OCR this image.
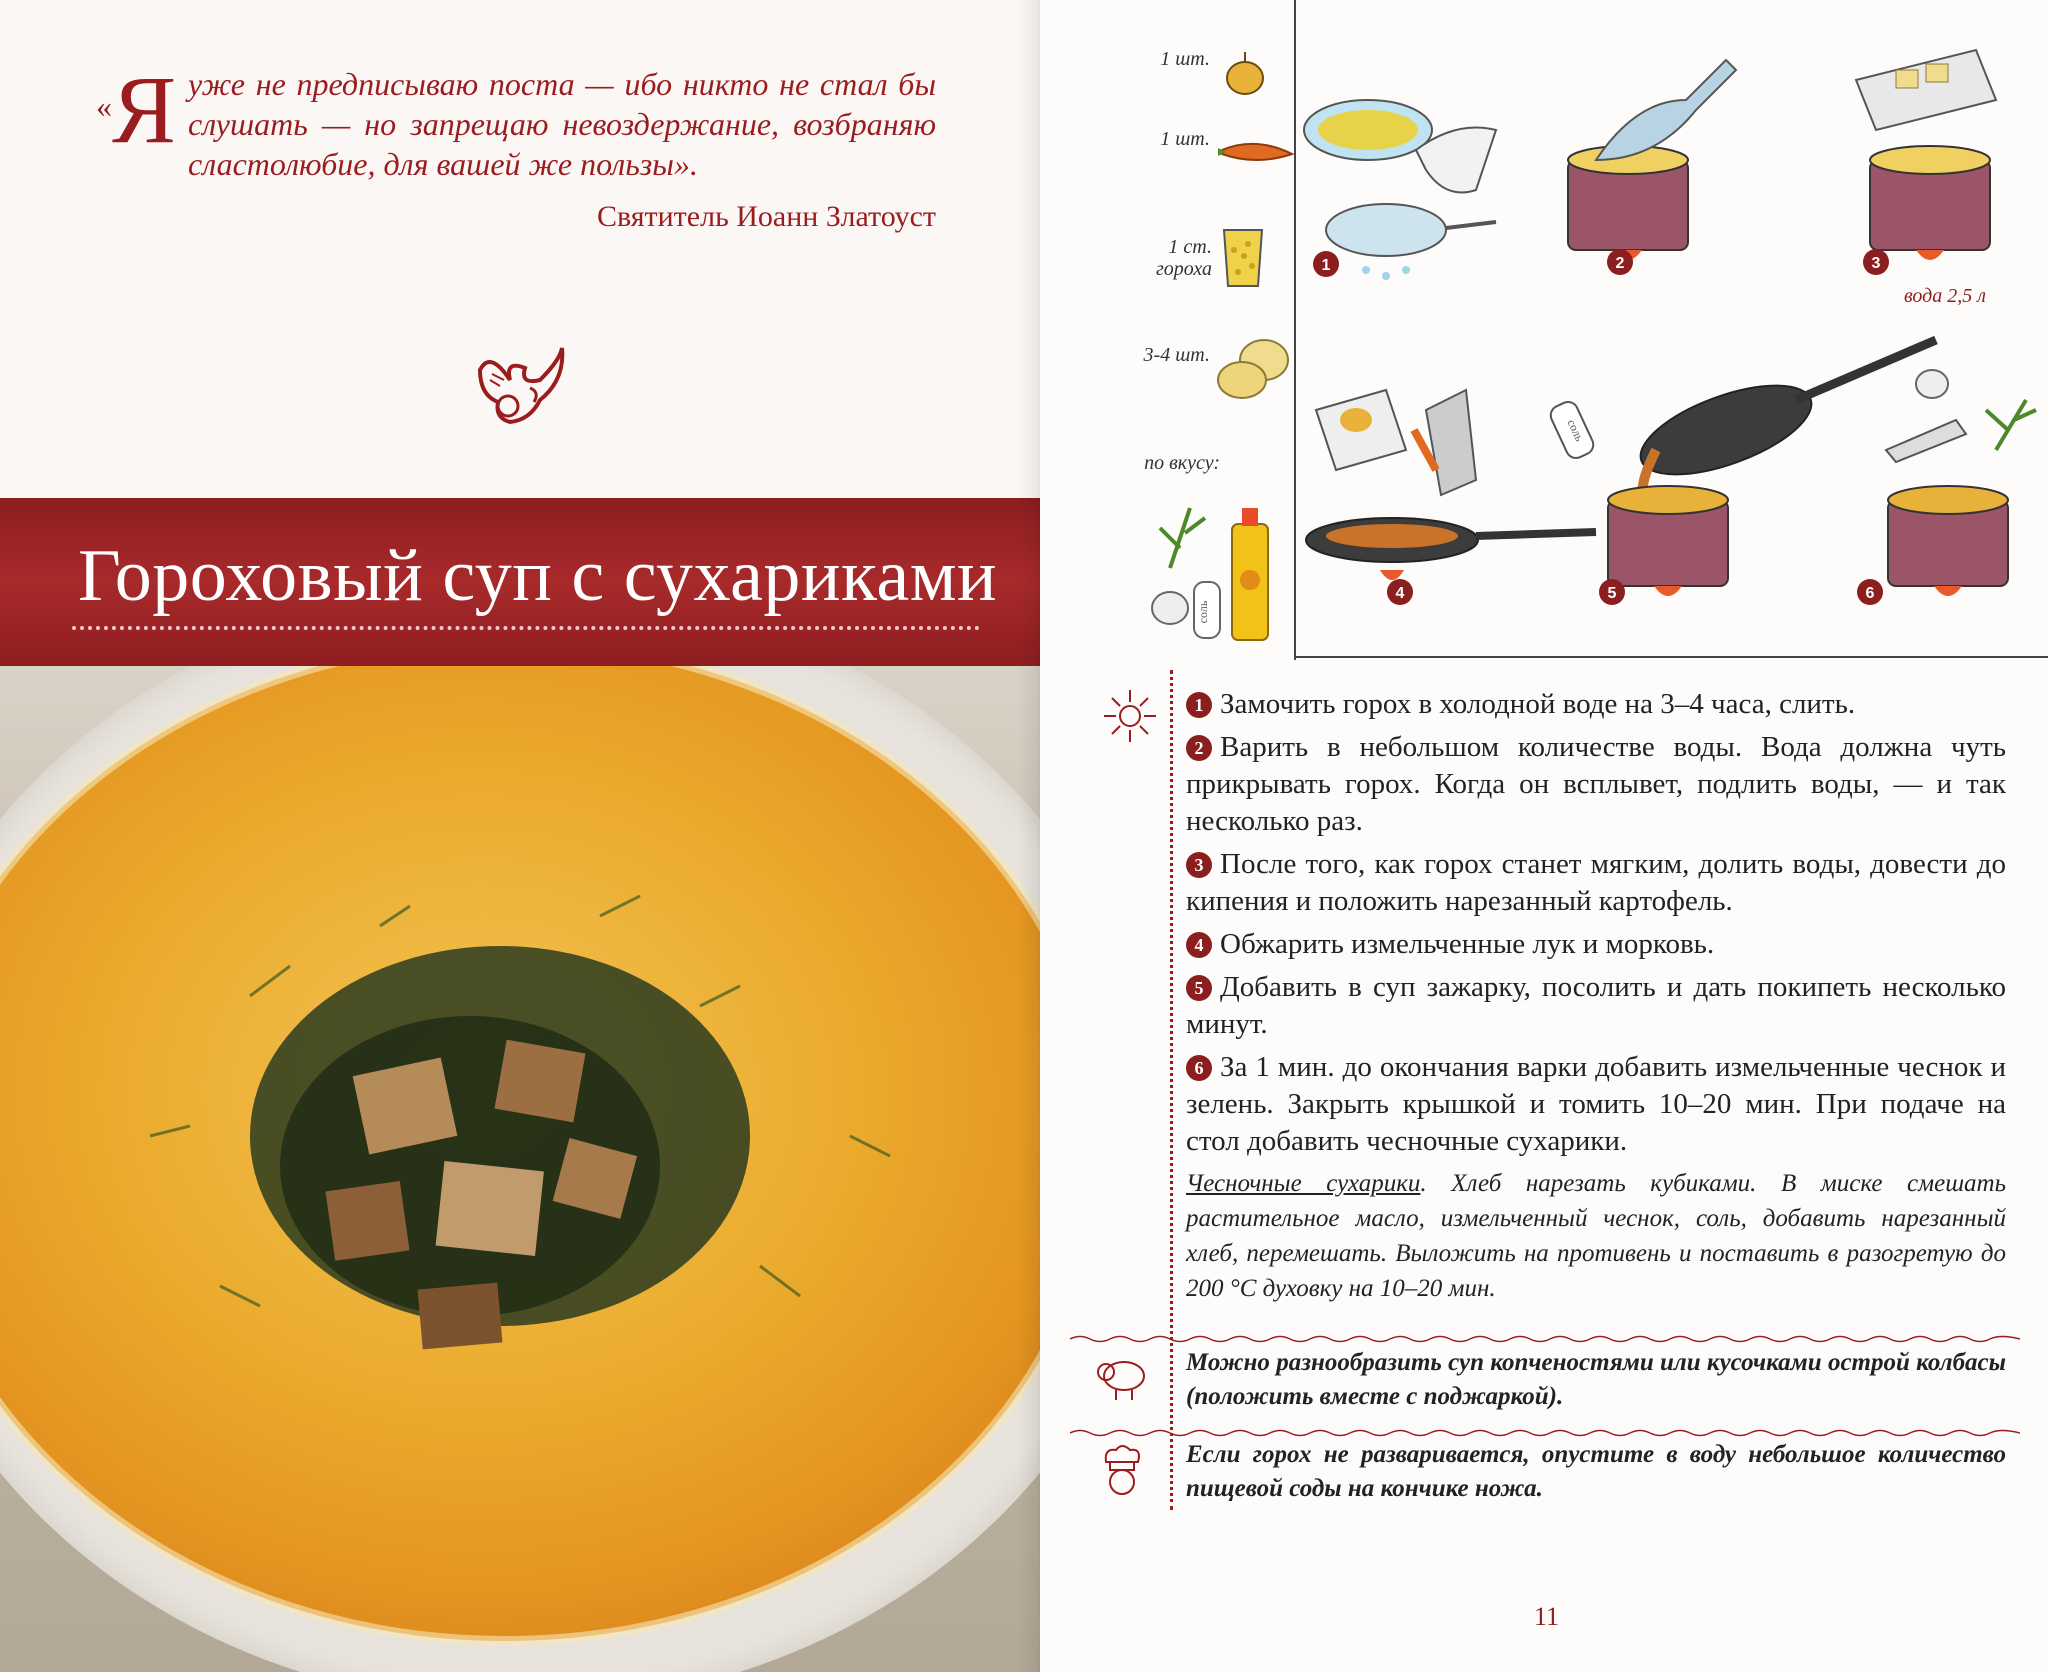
« Я уже не предписываю поста — ибо никто не стал бы слушать — но запрещаю невоздержание, возбраняю сластолюбие, для вашей же пользы».
Святитель Иоанн Златоуст
Гороховый суп с сухариками
1 шт.
1 шт.
1 ст. гороха
3-4 шт.
по вкусу:
соль
1	2	3
вода 2,5 л
4
соль
5	6
1 Замочить горох в холодной воде на 3–4 часа, слить.
2 Варить в небольшом количестве воды. Вода должна чуть прикрывать горох. Когда он всплывет, подлить воды, — и так несколько раз.
3 После того, как горох станет мягким, долить воды, довести до кипения и положить нарезанный картофель.
4 Обжарить измельченные лук и морковь.
5 Добавить в суп зажарку, посолить и дать покипеть несколько минут.
6 За 1 мин. до окончания варки добавить измельченные чеснок и зелень. Закрыть крышкой и томить 10–20 мин. При подаче на стол добавить чесночные сухарики.
Чесночные сухарики. Хлеб нарезать кубиками. В миске смешать растительное масло, измельченный чеснок, соль, добавить нарезанный хлеб, перемешать. Выложить на противень и поставить в разогретую до 200 °С духовку на 10–20 мин.
Можно разнообразить суп копченостями или кусочками острой колбасы (положить вместе с поджаркой).
Если горох не разваривается, опустите в воду небольшое количество пищевой соды на кончике ножа.
11
